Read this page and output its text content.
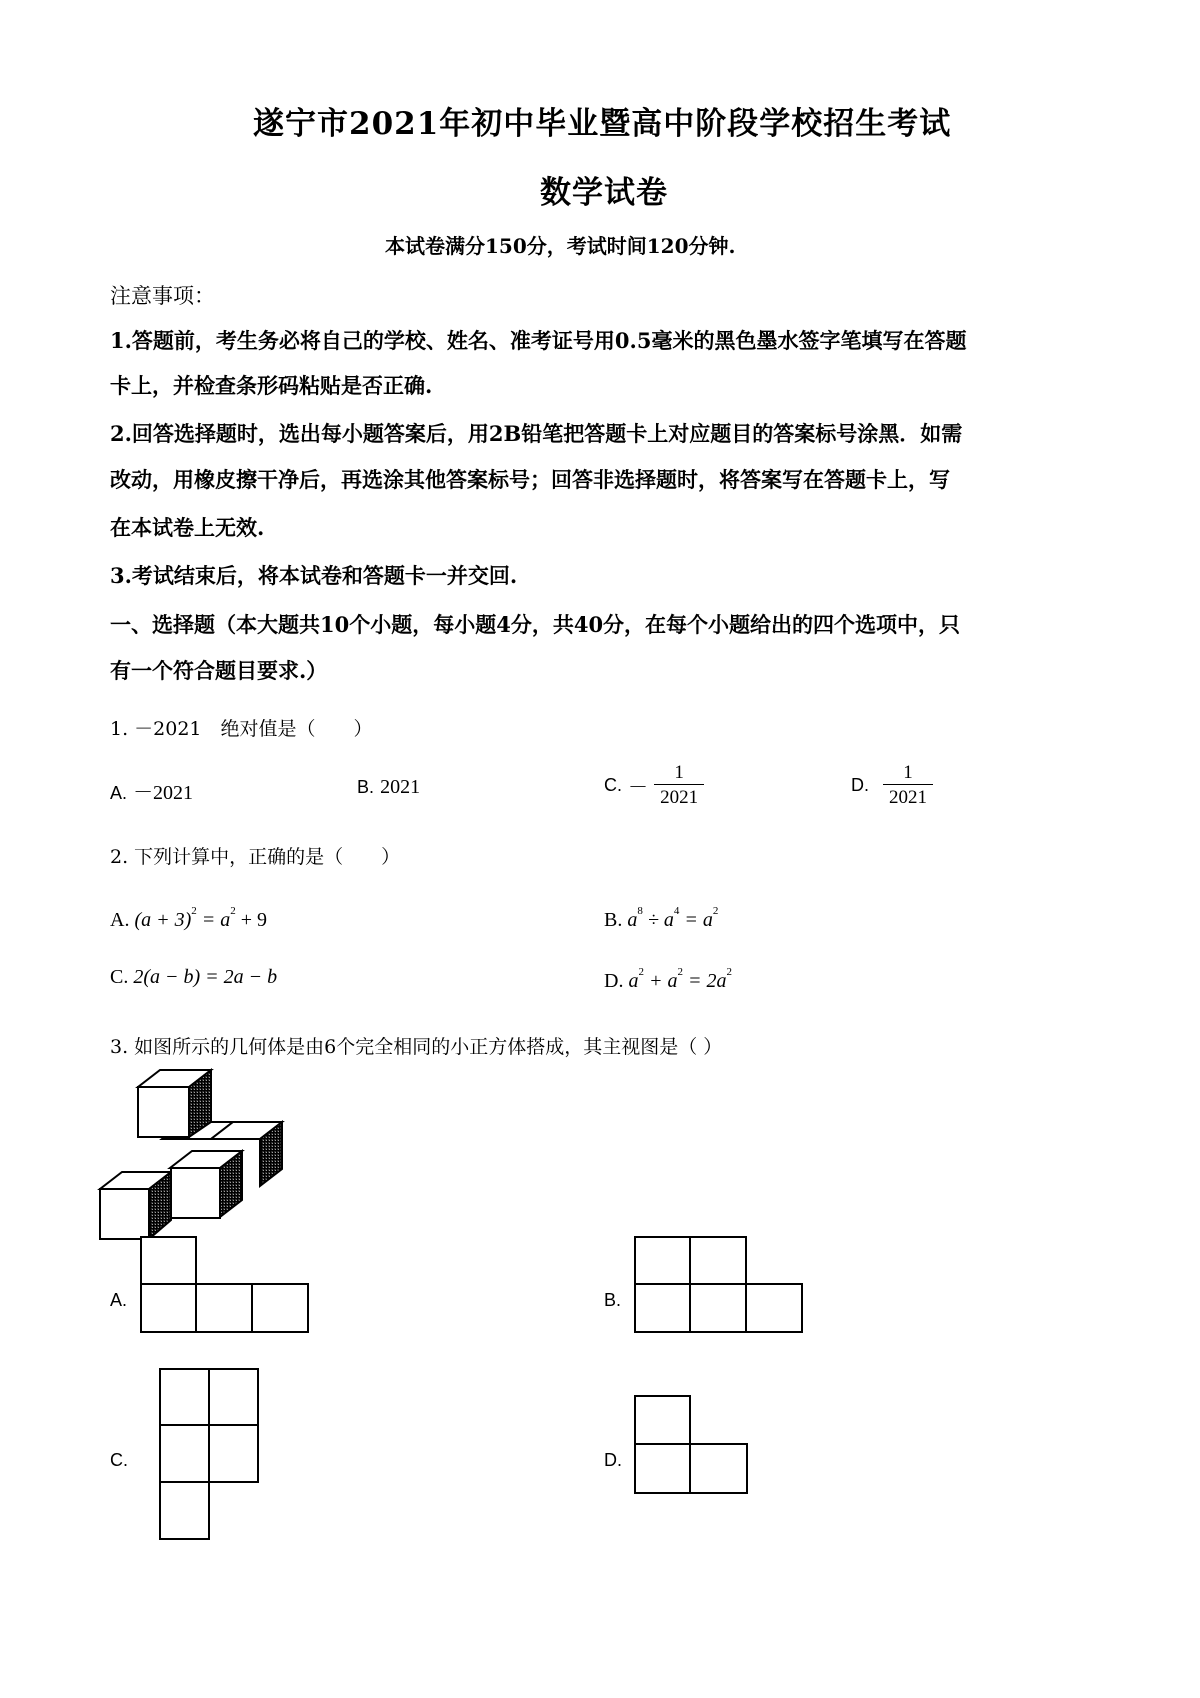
遂宁市2021年初中毕业暨高中阶段学校招生考试
数学试卷
本试卷满分150分，考试时间120分钟.
注意事项：
1.答题前，考生务必将自己的学校、姓名、准考证号用0.5毫米的黑色墨水签字笔填写在答题
卡上，并检查条形码粘贴是否正确.
2.回答选择题时，选出每小题答案后，用2B铅笔把答题卡上对应题目的答案标号涂黑．如需
改动，用橡皮擦干净后，再选涂其他答案标号；回答非选择题时，将答案写在答题卡上，写
在本试卷上无效.
3.考试结束后，将本试卷和答题卡一并交回.
一、选择题（本大题共10个小题，每小题4分，共40分，在每个小题给出的四个选项中，只
有一个符合题目要求.）
1. －2021　绝对值是（　　）
A. －2021	B. 2021	C. － $\frac{1}{2021}$	D. $\frac{1}{2021}$
2. 下列计算中，正确的是（　　）
A. $(a + 3)^2 = a^2 + 9$	B. $a^8 \div a^4 = a^2$
C. 2(a − b) = 2a − b	D. $a^2 + a^2 = 2a^2$
3. 如图所示的几何体是由6个完全相同的小正方体搭成，其主视图是（ ）
A.	B.
C.	D.
